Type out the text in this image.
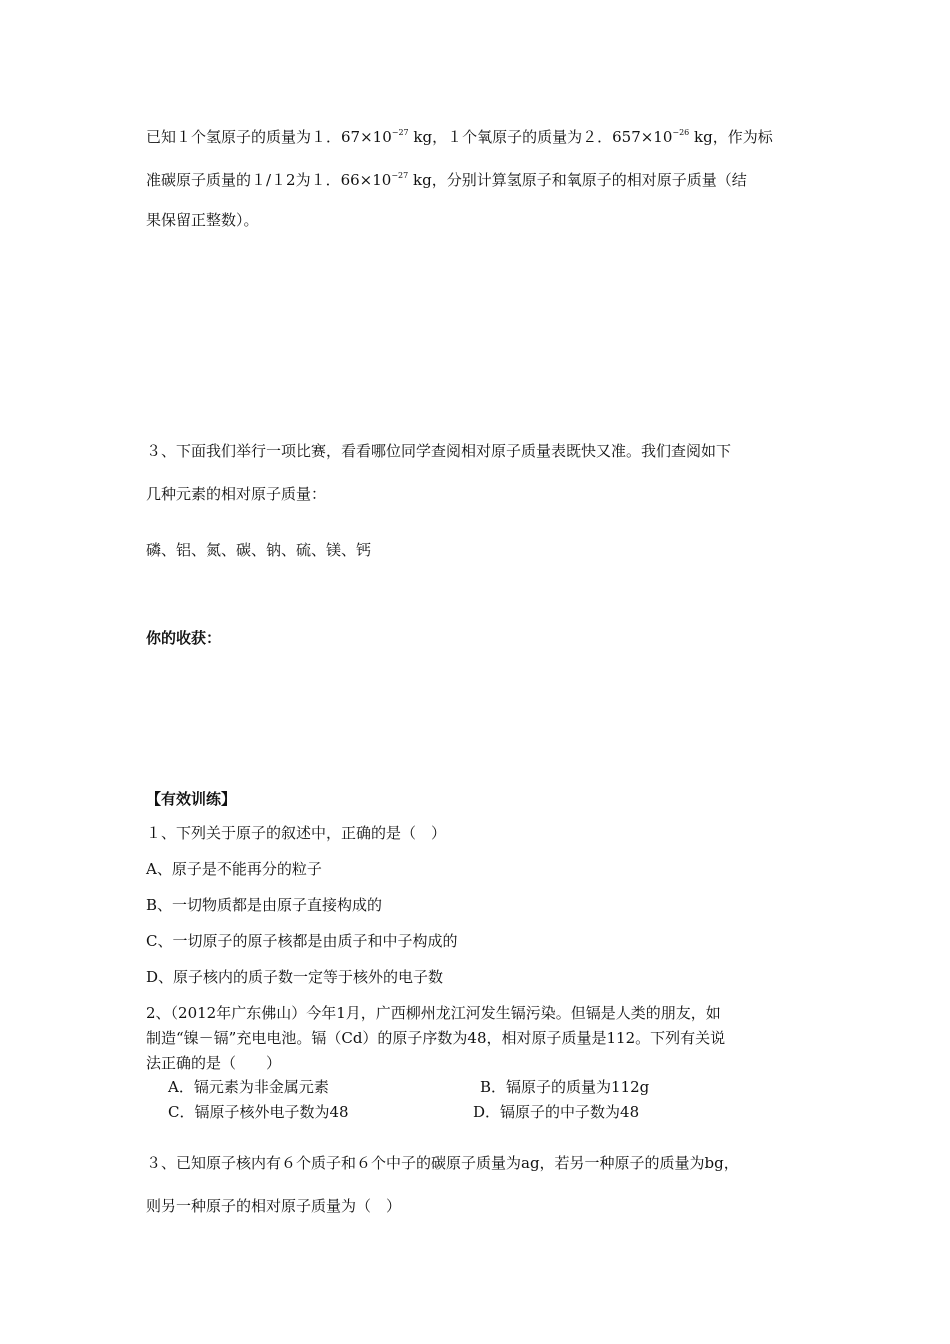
已知１个氢原子的质量为１．$67\times 10^{-27}$ kg，１个氧原子的质量为２．$657\times 10^{-26}$ kg，作为标
准碳原子质量的１/１2为１．$66\times 10^{-27}$ kg，分别计算氢原子和氧原子的相对原子质量（结
果保留正整数）。
３、下面我们举行一项比赛，看看哪位同学查阅相对原子质量表既快又准。我们查阅如下
几种元素的相对原子质量：
磷、铝、氮、碳、钠、硫、镁、钙
你的收获：
【有效训练】
１、下列关于原子的叙述中，正确的是（　）
A、原子是不能再分的粒子
B、一切物质都是由原子直接构成的
C、一切原子的原子核都是由质子和中子构成的
D、原子核内的质子数一定等于核外的电子数
2、（2012年广东佛山）今年1月，广西柳州龙江河发生镉污染。但镉是人类的朋友，如
制造“镍－镉”充电电池。镉（Cd）的原子序数为48，相对原子质量是112。下列有关说
法正确的是（　　）
A．镉元素为非金属元素	B．镉原子的质量为112g
C．镉原子核外电子数为48	D．镉原子的中子数为48
３、已知原子核内有６个质子和６个中子的碳原子质量为ag，若另一种原子的质量为bg，
则另一种原子的相对原子质量为（　）
